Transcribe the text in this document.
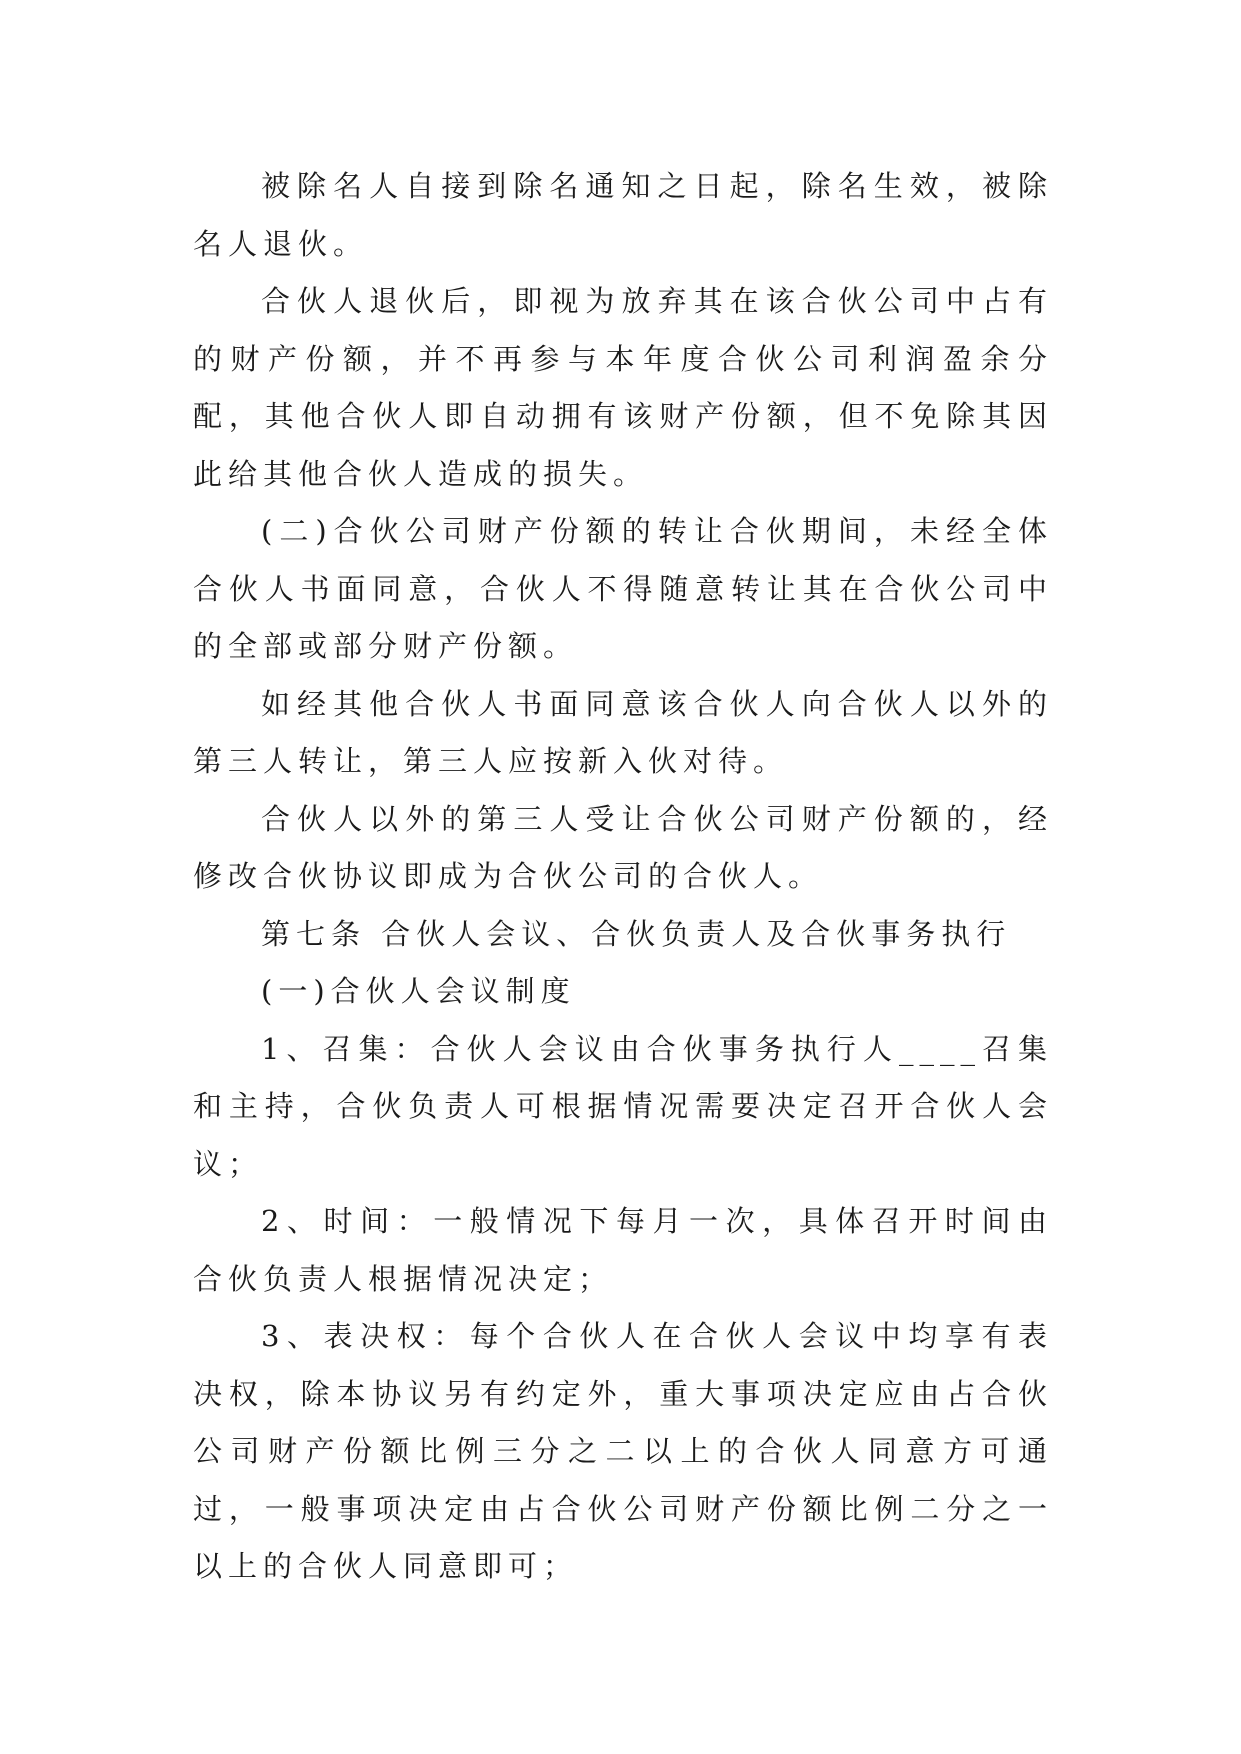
被除名人自接到除名通知之日起，除名生效，被除名人退伙。

合伙人退伙后，即视为放弃其在该合伙公司中占有的财产份额，并不再参与本年度合伙公司利润盈余分配，其他合伙人即自动拥有该财产份额，但不免除其因此给其他合伙人造成的损失。

(二)合伙公司财产份额的转让合伙期间，未经全体合伙人书面同意，合伙人不得随意转让其在合伙公司中的全部或部分财产份额。

如经其他合伙人书面同意该合伙人向合伙人以外的第三人转让，第三人应按新入伙对待。

合伙人以外的第三人受让合伙公司财产份额的，经修改合伙协议即成为合伙公司的合伙人。

第七条 合伙人会议、合伙负责人及合伙事务执行

(一)合伙人会议制度

1、召集：合伙人会议由合伙事务执行人____召集和主持，合伙负责人可根据情况需要决定召开合伙人会议；

2、时间：一般情况下每月一次，具体召开时间由合伙负责人根据情况决定；

3、表决权：每个合伙人在合伙人会议中均享有表决权，除本协议另有约定外，重大事项决定应由占合伙公司财产份额比例三分之二以上的合伙人同意方可通过，一般事项决定由占合伙公司财产份额比例二分之一以上的合伙人同意即可；
